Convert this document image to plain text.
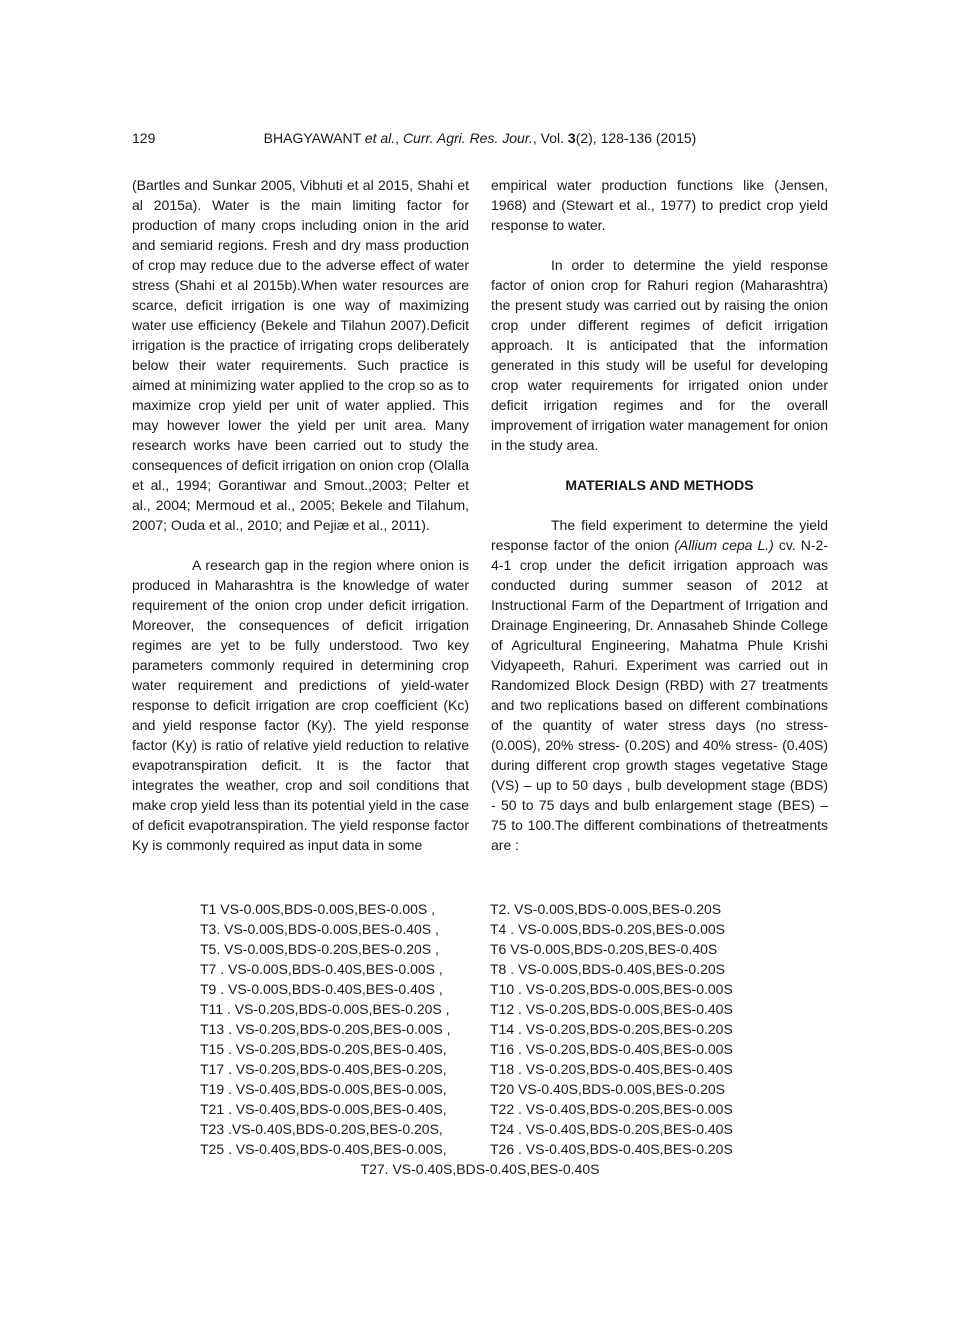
129	BHAGYAWANT et al., Curr. Agri. Res. Jour., Vol. 3(2), 128-136 (2015)

(Bartles and Sunkar 2005, Vibhuti et al 2015, Shahi et al 2015a). Water is the main limiting factor for production of many crops including onion in the arid and semiarid regions. Fresh and dry mass production of crop may reduce due to the adverse effect of water stress (Shahi et al 2015b).When water resources are scarce, deficit irrigation is one way of maximizing water use efficiency (Bekele and Tilahun 2007).Deficit irrigation is the practice of irrigating crops deliberately below their water requirements. Such practice is aimed at minimizing water applied to the crop so as to maximize crop yield per unit of water applied. This may however lower the yield per unit area. Many research works have been carried out to study the consequences of deficit irrigation on onion crop (Olalla et al., 1994; Gorantiwar and Smout.,2003; Pelter et al., 2004; Mermoud et al., 2005; Bekele and Tilahum, 2007; Ouda et al., 2010; and Pejiæ et al., 2011).

A research gap in the region where onion is produced in Maharashtra is the knowledge of water requirement of the onion crop under deficit irrigation. Moreover, the consequences of deficit irrigation regimes are yet to be fully understood. Two key parameters commonly required in determining crop water requirement and predictions of yield-water response to deficit irrigation are crop coefficient (Kc) and yield response factor (Ky). The yield response factor (Ky) is ratio of relative yield reduction to relative evapotranspiration deficit. It is the factor that integrates the weather, crop and soil conditions that make crop yield less than its potential yield in the case of deficit evapotranspiration. The yield response factor Ky is commonly required as input data in some

empirical water production functions like (Jensen, 1968) and (Stewart et al., 1977) to predict crop yield response to water.

In order to determine the yield response factor of onion crop for Rahuri region (Maharashtra) the present study was carried out by raising the onion crop under different regimes of deficit irrigation approach. It is anticipated that the information generated in this study will be useful for developing crop water requirements for irrigated onion under deficit irrigation regimes and for the overall improvement of irrigation water management for onion in the study area.

MATERIALS AND METHODS

The field experiment to determine the yield response factor of the onion (Allium cepa L.) cv. N-2-4-1 crop under the deficit irrigation approach was conducted during summer season of 2012 at Instructional Farm of the Department of Irrigation and Drainage Engineering, Dr. Annasaheb Shinde College of Agricultural Engineering, Mahatma Phule Krishi Vidyapeeth, Rahuri. Experiment was carried out in Randomized Block Design (RBD) with 27 treatments and two replications based on different combinations of the quantity of water stress days (no stress- (0.00S), 20% stress- (0.20S) and 40% stress- (0.40S) during different crop growth stages vegetative Stage (VS) – up to 50 days , bulb development stage (BDS) - 50 to 75 days and bulb enlargement stage (BES) – 75 to 100.The different combinations of thetreatments are :

T1 VS-0.00S,BDS-0.00S,BES-0.00S ,	T2. VS-0.00S,BDS-0.00S,BES-0.20S
T3. VS-0.00S,BDS-0.00S,BES-0.40S ,	T4 . VS-0.00S,BDS-0.20S,BES-0.00S
T5. VS-0.00S,BDS-0.20S,BES-0.20S ,	T6 VS-0.00S,BDS-0.20S,BES-0.40S
T7 . VS-0.00S,BDS-0.40S,BES-0.00S ,	T8 . VS-0.00S,BDS-0.40S,BES-0.20S
T9 . VS-0.00S,BDS-0.40S,BES-0.40S ,	T10 . VS-0.20S,BDS-0.00S,BES-0.00S
T11 . VS-0.20S,BDS-0.00S,BES-0.20S ,	T12 . VS-0.20S,BDS-0.00S,BES-0.40S
T13 . VS-0.20S,BDS-0.20S,BES-0.00S ,	T14 . VS-0.20S,BDS-0.20S,BES-0.20S
T15 . VS-0.20S,BDS-0.20S,BES-0.40S,	T16 . VS-0.20S,BDS-0.40S,BES-0.00S
T17 . VS-0.20S,BDS-0.40S,BES-0.20S,	T18 . VS-0.20S,BDS-0.40S,BES-0.40S
T19 . VS-0.40S,BDS-0.00S,BES-0.00S,	T20 VS-0.40S,BDS-0.00S,BES-0.20S
T21 . VS-0.40S,BDS-0.00S,BES-0.40S,	T22 . VS-0.40S,BDS-0.20S,BES-0.00S
T23 .VS-0.40S,BDS-0.20S,BES-0.20S,	T24 . VS-0.40S,BDS-0.20S,BES-0.40S
T25 . VS-0.40S,BDS-0.40S,BES-0.00S,	T26 . VS-0.40S,BDS-0.40S,BES-0.20S
T27. VS-0.40S,BDS-0.40S,BES-0.40S
